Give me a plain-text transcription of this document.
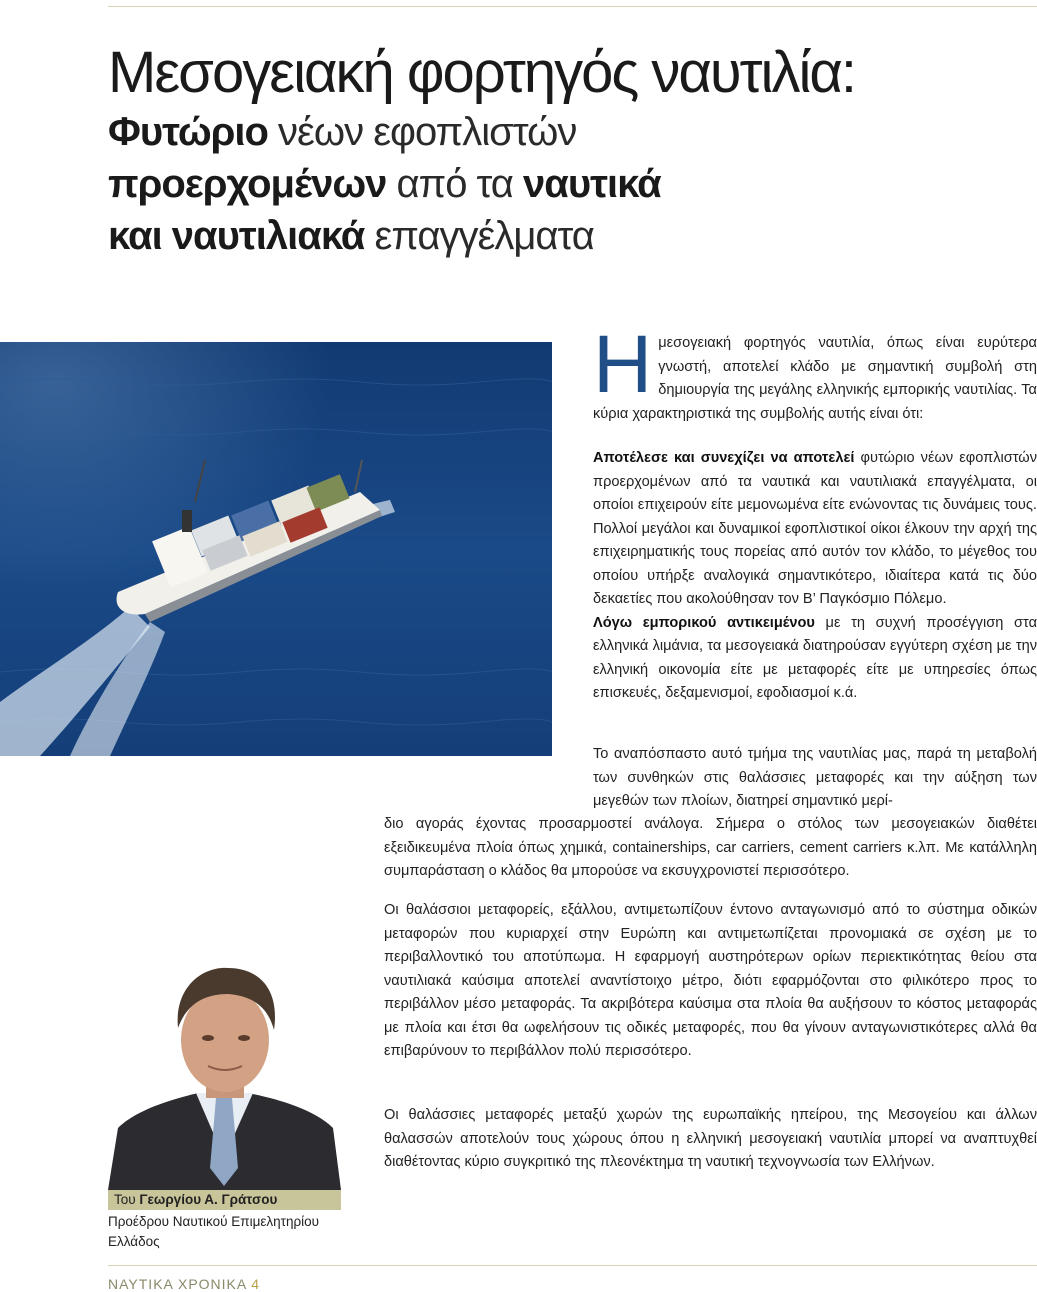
Μεσογειακή φορτηγός ναυτιλία:
Φυτώριο νέων εφοπλιστών
προερχομένων από τα ναυτικά
και ναυτιλιακά επαγγέλματα
Η μεσογειακή φορτηγός ναυτιλία, όπως είναι ευρύτερα γνωστή, αποτελεί κλάδο με σημαντική συμβολή στη δημιουργία της μεγάλης ελληνικής εμπορικής ναυτιλίας. Τα κύρια χαρακτηριστικά της συμβολής αυτής είναι ότι:

Αποτέλεσε και συνεχίζει να αποτελεί φυτώριο νέων εφοπλιστών προερχομένων από τα ναυτικά και ναυτιλιακά επαγγέλματα, οι οποίοι επιχειρούν είτε μεμονωμένα είτε ενώνοντας τις δυνάμεις τους. Πολλοί μεγάλοι και δυναμικοί εφοπλιστικοί οίκοι έλκουν την αρχή της επιχειρηματικής τους πορείας από αυτόν τον κλάδο, το μέγεθος του οποίου υπήρξε αναλογικά σημαντικότερο, ιδιαίτερα κατά τις δύο δεκαετίες που ακολούθησαν τον Β’ Παγκόσμιο Πόλεμο.

Λόγω εμπορικού αντικειμένου με τη συχνή προσέγγιση στα ελληνικά λιμάνια, τα μεσογειακά διατηρούσαν εγγύτερη σχέση με την ελληνική οικονομία είτε με μεταφορές είτε με υπηρεσίες όπως επισκευές, δεξαμενισμοί, εφοδιασμοί κ.ά.

Το αναπόσπαστο αυτό τμήμα της ναυτιλίας μας, παρά τη μεταβολή των συνθηκών στις θαλάσσιες μεταφορές και την αύξηση των μεγεθών των πλοίων, διατηρεί σημαντικό μερί-

διο αγοράς έχοντας προσαρμοστεί ανάλογα. Σήμερα ο στόλος των μεσογειακών διαθέτει εξειδικευμένα πλοία όπως χημικά, containerships, car carriers, cement carriers κ.λπ. Με κατάλληλη συμπαράσταση ο κλάδος θα μπορούσε να εκσυγχρονιστεί περισσότερο.

Οι θαλάσσιοι μεταφορείς, εξάλλου, αντιμετωπίζουν έντονο ανταγωνισμό από το σύστημα οδικών μεταφορών που κυριαρχεί στην Ευρώπη και αντιμετωπίζεται προνομιακά σε σχέση με το περιβαλλοντικό του αποτύπωμα. Η εφαρμογή αυστηρότερων ορίων περιεκτικότητας θείου στα ναυτιλιακά καύσιμα αποτελεί αναντίστοιχο μέτρο, διότι εφαρμόζονται στο φιλικότερο προς το περιβάλλον μέσο μεταφοράς. Τα ακριβότερα καύσιμα στα πλοία θα αυξήσουν το κόστος μεταφοράς με πλοία και έτσι θα ωφελήσουν τις οδικές μεταφορές, που θα γίνουν ανταγωνιστικότερες αλλά θα επιβαρύνουν το περιβάλλον πολύ περισσότερο.

Οι θαλάσσιες μεταφορές μεταξύ χωρών της ευρωπαϊκής ηπείρου, της Μεσογείου και άλλων θαλασσών αποτελούν τους χώρους όπου η ελληνική μεσογειακή ναυτιλία μπορεί να αναπτυχθεί διαθέτοντας κύριο συγκριτικό της πλεονέκτημα τη ναυτική τεχνογνωσία των Ελλήνων.

Του Γεωργίου Α. Γράτσου
Προέδρου Ναυτικού Επιμελητηρίου Ελλάδος
ΝΑΥΤΙΚΑ ΧΡΟΝΙΚΑ 4
